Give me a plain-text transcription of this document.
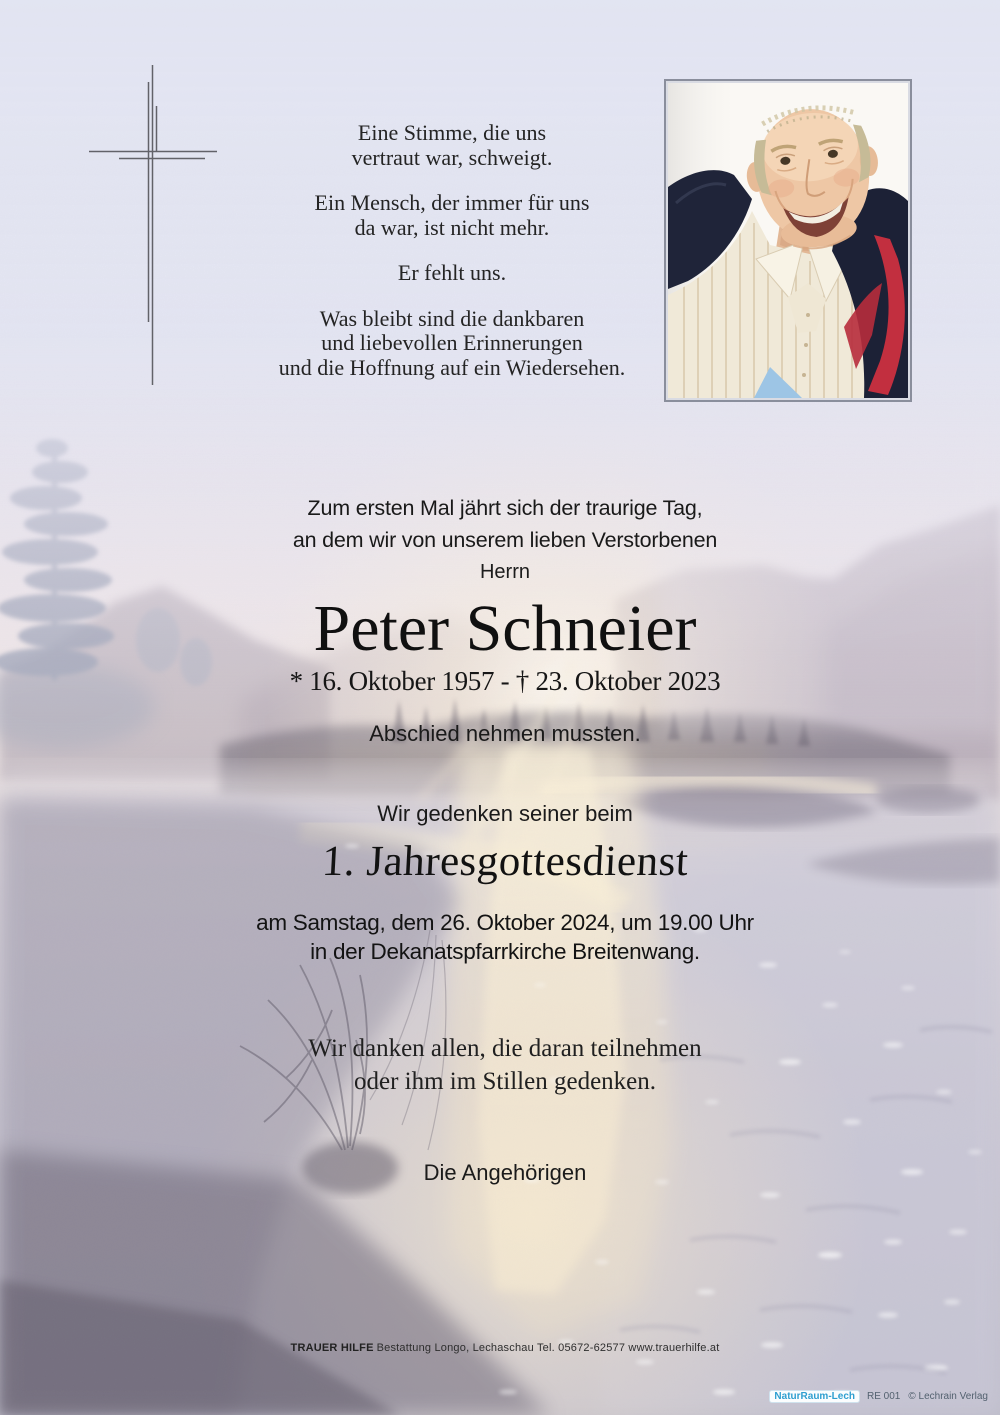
Eine Stimme, die uns
vertraut war, schweigt.

Ein Mensch, der immer für uns
da war, ist nicht mehr.

Er fehlt uns.

Was bleibt sind die dankbaren
und liebevollen Erinnerungen
und die Hoffnung auf ein Wiedersehen.

Zum ersten Mal jährt sich der traurige Tag,
an dem wir von unserem lieben Verstorbenen
Herrn
Peter Schneier
* 16. Oktober 1957 - † 23. Oktober 2023
Abschied nehmen mussten.
Wir gedenken seiner beim
1. Jahresgottesdienst
am Samstag, dem 26. Oktober 2024, um 19.00 Uhr
in der Dekanatspfarrkirche Breitenwang.
Wir danken allen, die daran teilnehmen
oder ihm im Stillen gedenken.
Die Angehörigen
TRAUER HILFE Bestattung Longo, Lechaschau Tel. 05672-62577 www.trauerhilfe.at
NaturRaum-Lech	RE 001 © Lechrain Verlag
